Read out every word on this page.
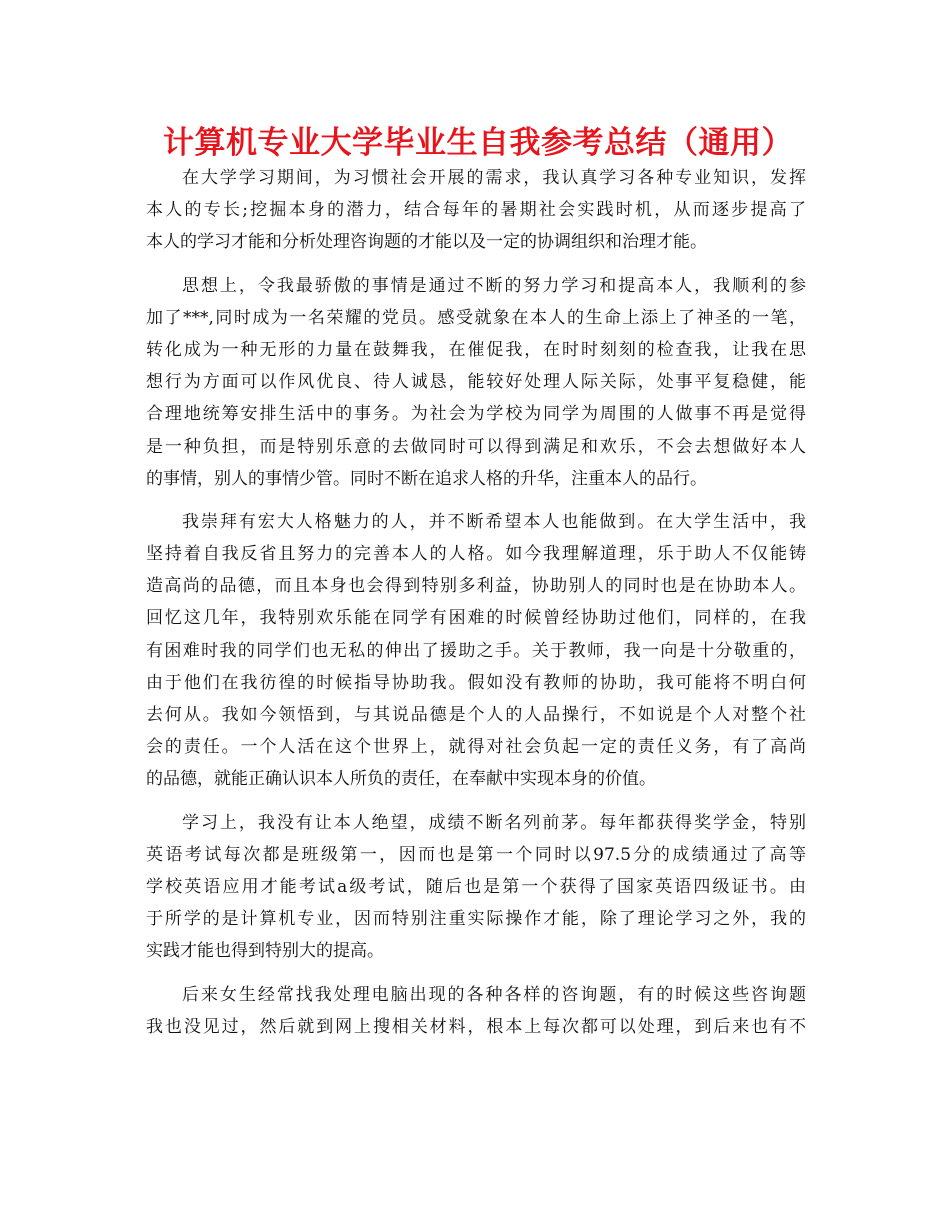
计算机专业大学毕业生自我参考总结（通用）
在大学学习期间，为习惯社会开展的需求，我认真学习各种专业知识，发挥
本人的专长;挖掘本身的潜力，结合每年的暑期社会实践时机，从而逐步提高了
本人的学习才能和分析处理咨询题的才能以及一定的协调组织和治理才能。
思想上，令我最骄傲的事情是通过不断的努力学习和提高本人，我顺利的参
加了***,同时成为一名荣耀的党员。感受就象在本人的生命上添上了神圣的一笔，
转化成为一种无形的力量在鼓舞我，在催促我，在时时刻刻的检查我，让我在思
想行为方面可以作风优良、待人诚恳，能较好处理人际关际，处事平复稳健，能
合理地统筹安排生活中的事务。为社会为学校为同学为周围的人做事不再是觉得
是一种负担，而是特别乐意的去做同时可以得到满足和欢乐，不会去想做好本人
的事情，别人的事情少管。同时不断在追求人格的升华，注重本人的品行。
我崇拜有宏大人格魅力的人，并不断希望本人也能做到。在大学生活中，我
坚持着自我反省且努力的完善本人的人格。如今我理解道理，乐于助人不仅能铸
造高尚的品德，而且本身也会得到特别多利益，协助别人的同时也是在协助本人。
回忆这几年，我特别欢乐能在同学有困难的时候曾经协助过他们，同样的，在我
有困难时我的同学们也无私的伸出了援助之手。关于教师，我一向是十分敬重的，
由于他们在我彷徨的时候指导协助我。假如没有教师的协助，我可能将不明白何
去何从。我如今领悟到，与其说品德是个人的人品操行，不如说是个人对整个社
会的责任。一个人活在这个世界上，就得对社会负起一定的责任义务，有了高尚
的品德，就能正确认识本人所负的责任，在奉献中实现本身的价值。
学习上，我没有让本人绝望，成绩不断名列前茅。每年都获得奖学金，特别
英语考试每次都是班级第一，因而也是第一个同时以97.5分的成绩通过了高等
学校英语应用才能考试a级考试，随后也是第一个获得了国家英语四级证书。由
于所学的是计算机专业，因而特别注重实际操作才能，除了理论学习之外，我的
实践才能也得到特别大的提高。
后来女生经常找我处理电脑出现的各种各样的咨询题，有的时候这些咨询题
我也没见过，然后就到网上搜相关材料，根本上每次都可以处理，到后来也有不
